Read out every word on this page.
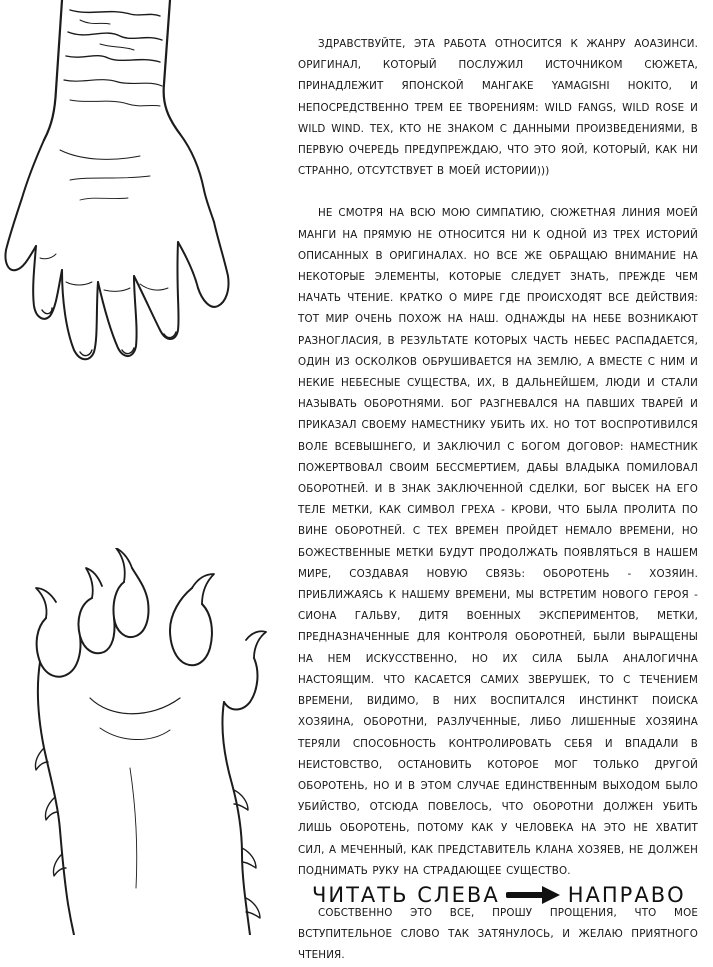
ЗДРАВСТВУЙТЕ, ЭТА РАБОТА ОТНОСИТСЯ К ЖАНРУ АОАЗИНСИ. ОРИГИНАЛ, КОТОРЫЙ ПОСЛУЖИЛ ИСТОЧНИКОМ СЮЖЕТА, ПРИНАДЛЕЖИТ ЯПОНСКОЙ МАНГАКЕ YAMAGISHI HOKITO, И НЕПОСРЕДСТВЕННО ТРЕМ ЕЕ ТВОРЕНИЯМ: WILD FANGS, WILD ROSE И WILD WIND. ТЕХ, КТО НЕ ЗНАКОМ С ДАННЫМИ ПРОИЗВЕДЕНИЯМИ, В ПЕРВУЮ ОЧЕРЕДЬ ПРЕДУПРЕЖДАЮ, ЧТО ЭТО ЯОЙ, КОТОРЫЙ, КАК НИ СТРАННО, ОТСУТСТВУЕТ В МОЕЙ ИСТОРИИ)))

НЕ СМОТРЯ НА ВСЮ МОЮ СИМПАТИЮ, СЮЖЕТНАЯ ЛИНИЯ МОЕЙ МАНГИ НА ПРЯМУЮ НЕ ОТНОСИТСЯ НИ К ОДНОЙ ИЗ ТРЕХ ИСТОРИЙ ОПИСАННЫХ В ОРИГИНАЛАХ. НО ВСЕ ЖЕ ОБРАЩАЮ ВНИМАНИЕ НА НЕКОТОРЫЕ ЭЛЕМЕНТЫ, КОТОРЫЕ СЛЕДУЕТ ЗНАТЬ, ПРЕЖДЕ ЧЕМ НАЧАТЬ ЧТЕНИЕ. КРАТКО О МИРЕ ГДЕ ПРОИСХОДЯТ ВСЕ ДЕЙСТВИЯ: ТОТ МИР ОЧЕНЬ ПОХОЖ НА НАШ. ОДНАЖДЫ НА НЕБЕ ВОЗНИКАЮТ РАЗНОГЛАСИЯ, В РЕЗУЛЬТАТЕ КОТОРЫХ ЧАСТЬ НЕБЕС РАСПАДАЕТСЯ, ОДИН ИЗ ОСКОЛКОВ ОБРУШИВАЕТСЯ НА ЗЕМЛЮ, А ВМЕСТЕ С НИМ И НЕКИЕ НЕБЕСНЫЕ СУЩЕСТВА, ИХ, В ДАЛЬНЕЙШЕМ, ЛЮДИ И СТАЛИ НАЗЫВАТЬ ОБОРОТНЯМИ. БОГ РАЗГНЕВАЛСЯ НА ПАВШИХ ТВАРЕЙ И ПРИКАЗАЛ СВОЕМУ НАМЕСТНИКУ УБИТЬ ИХ. НО ТОТ ВОСПРОТИВИЛСЯ ВОЛЕ ВСЕВЫШНЕГО, И ЗАКЛЮЧИЛ С БОГОМ ДОГОВОР: НАМЕСТНИК ПОЖЕРТВОВАЛ СВОИМ БЕССМЕРТИЕМ, ДАБЫ ВЛАДЫКА ПОМИЛОВАЛ ОБОРОТНЕЙ. И В ЗНАК ЗАКЛЮЧЕННОЙ СДЕЛКИ, БОГ ВЫСЕК НА ЕГО ТЕЛЕ МЕТКИ, КАК СИМВОЛ ГРЕХА - КРОВИ, ЧТО БЫЛА ПРОЛИТА ПО ВИНЕ ОБОРОТНЕЙ. С ТЕХ ВРЕМЕН ПРОЙДЕТ НЕМАЛО ВРЕМЕНИ, НО БОЖЕСТВЕННЫЕ МЕТКИ БУДУТ ПРОДОЛЖАТЬ ПОЯВЛЯТЬСЯ В НАШЕМ МИРЕ, СОЗДАВАЯ НОВУЮ СВЯЗЬ: ОБОРОТЕНЬ - ХОЗЯИН. ПРИБЛИЖАЯСЬ К НАШЕМУ ВРЕМЕНИ, МЫ ВСТРЕТИМ НОВОГО ГЕРОЯ - СИОНА ГАЛЬВУ, ДИТЯ ВОЕННЫХ ЭКСПЕРИМЕНТОВ, МЕТКИ, ПРЕДНАЗНАЧЕННЫЕ ДЛЯ КОНТРОЛЯ ОБОРОТНЕЙ, БЫЛИ ВЫРАЩЕНЫ НА НЕМ ИСКУССТВЕННО, НО ИХ СИЛА БЫЛА АНАЛОГИЧНА НАСТОЯЩИМ. ЧТО КАСАЕТСЯ САМИХ ЗВЕРУШЕК, ТО С ТЕЧЕНИЕМ ВРЕМЕНИ, ВИДИМО, В НИХ ВОСПИТАЛСЯ ИНСТИНКТ ПОИСКА ХОЗЯИНА, ОБОРОТНИ, РАЗЛУЧЕННЫЕ, ЛИБО ЛИШЕННЫЕ ХОЗЯИНА ТЕРЯЛИ СПОСОБНОСТЬ КОНТРОЛИРОВАТЬ СЕБЯ И ВПАДАЛИ В НЕИСТОВСТВО, ОСТАНОВИТЬ КОТОРОЕ МОГ ТОЛЬКО ДРУГОЙ ОБОРОТЕНЬ, НО И В ЭТОМ СЛУЧАЕ ЕДИНСТВЕННЫМ ВЫХОДОМ БЫЛО УБИЙСТВО, ОТСЮДА ПОВЕЛОСЬ, ЧТО ОБОРОТНИ ДОЛЖЕН УБИТЬ ЛИШЬ ОБОРОТЕНЬ, ПОТОМУ КАК У ЧЕЛОВЕКА НА ЭТО НЕ ХВАТИТ СИЛ, А МЕЧЕННЫЙ, КАК ПРЕДСТАВИТЕЛЬ КЛАНА ХОЗЯЕВ, НЕ ДОЛЖЕН ПОДНИМАТЬ РУКУ НА СТРАДАЮЩЕЕ СУЩЕСТВО.

СОБСТВЕННО ЭТО ВСЕ, ПРОШУ ПРОЩЕНИЯ, ЧТО МОЕ ВСТУПИТЕЛЬНОЕ СЛОВО ТАК ЗАТЯНУЛОСЬ, И ЖЕЛАЮ ПРИЯТНОГО ЧТЕНИЯ.

ЧИТАТЬ СЛЕВА	НАПРАВО
